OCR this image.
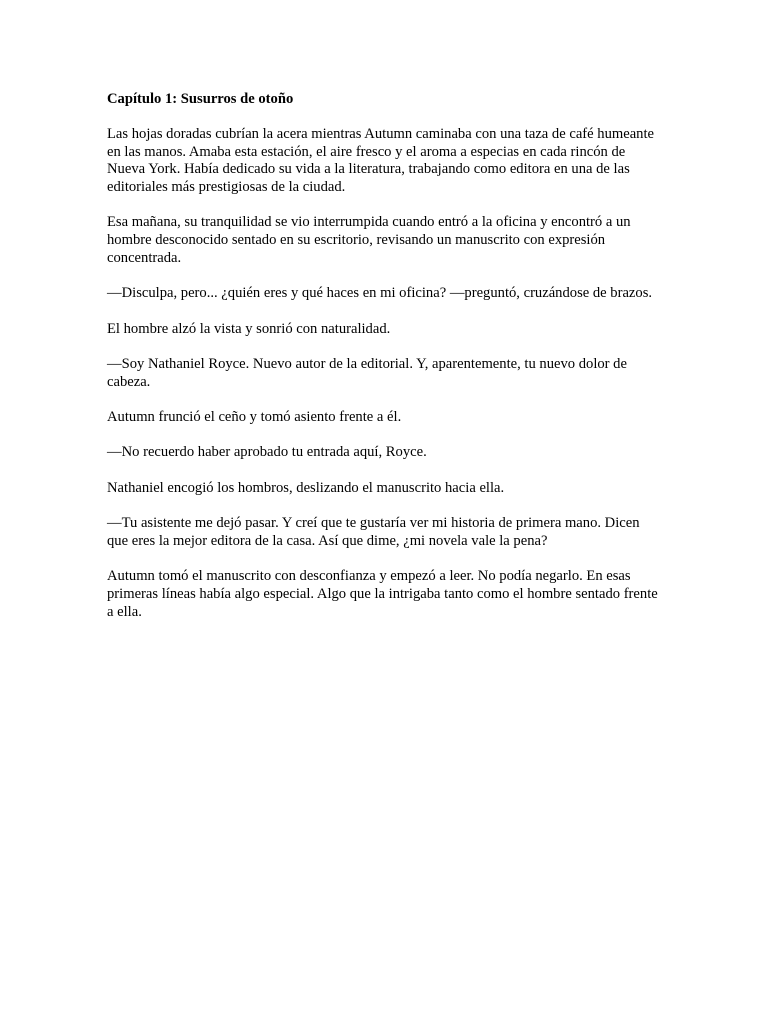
Capítulo 1: Susurros de otoño

Las hojas doradas cubrían la acera mientras Autumn caminaba con una taza de café humeante en las manos. Amaba esta estación, el aire fresco y el aroma a especias en cada rincón de Nueva York. Había dedicado su vida a la literatura, trabajando como editora en una de las editoriales más prestigiosas de la ciudad.

Esa mañana, su tranquilidad se vio interrumpida cuando entró a la oficina y encontró a un hombre desconocido sentado en su escritorio, revisando un manuscrito con expresión concentrada.

—Disculpa, pero... ¿quién eres y qué haces en mi oficina? —preguntó, cruzándose de brazos.

El hombre alzó la vista y sonrió con naturalidad.

—Soy Nathaniel Royce. Nuevo autor de la editorial. Y, aparentemente, tu nuevo dolor de cabeza.

Autumn frunció el ceño y tomó asiento frente a él.

—No recuerdo haber aprobado tu entrada aquí, Royce.

Nathaniel encogió los hombros, deslizando el manuscrito hacia ella.

—Tu asistente me dejó pasar. Y creí que te gustaría ver mi historia de primera mano. Dicen que eres la mejor editora de la casa. Así que dime, ¿mi novela vale la pena?

Autumn tomó el manuscrito con desconfianza y empezó a leer. No podía negarlo. En esas primeras líneas había algo especial. Algo que la intrigaba tanto como el hombre sentado frente a ella.
